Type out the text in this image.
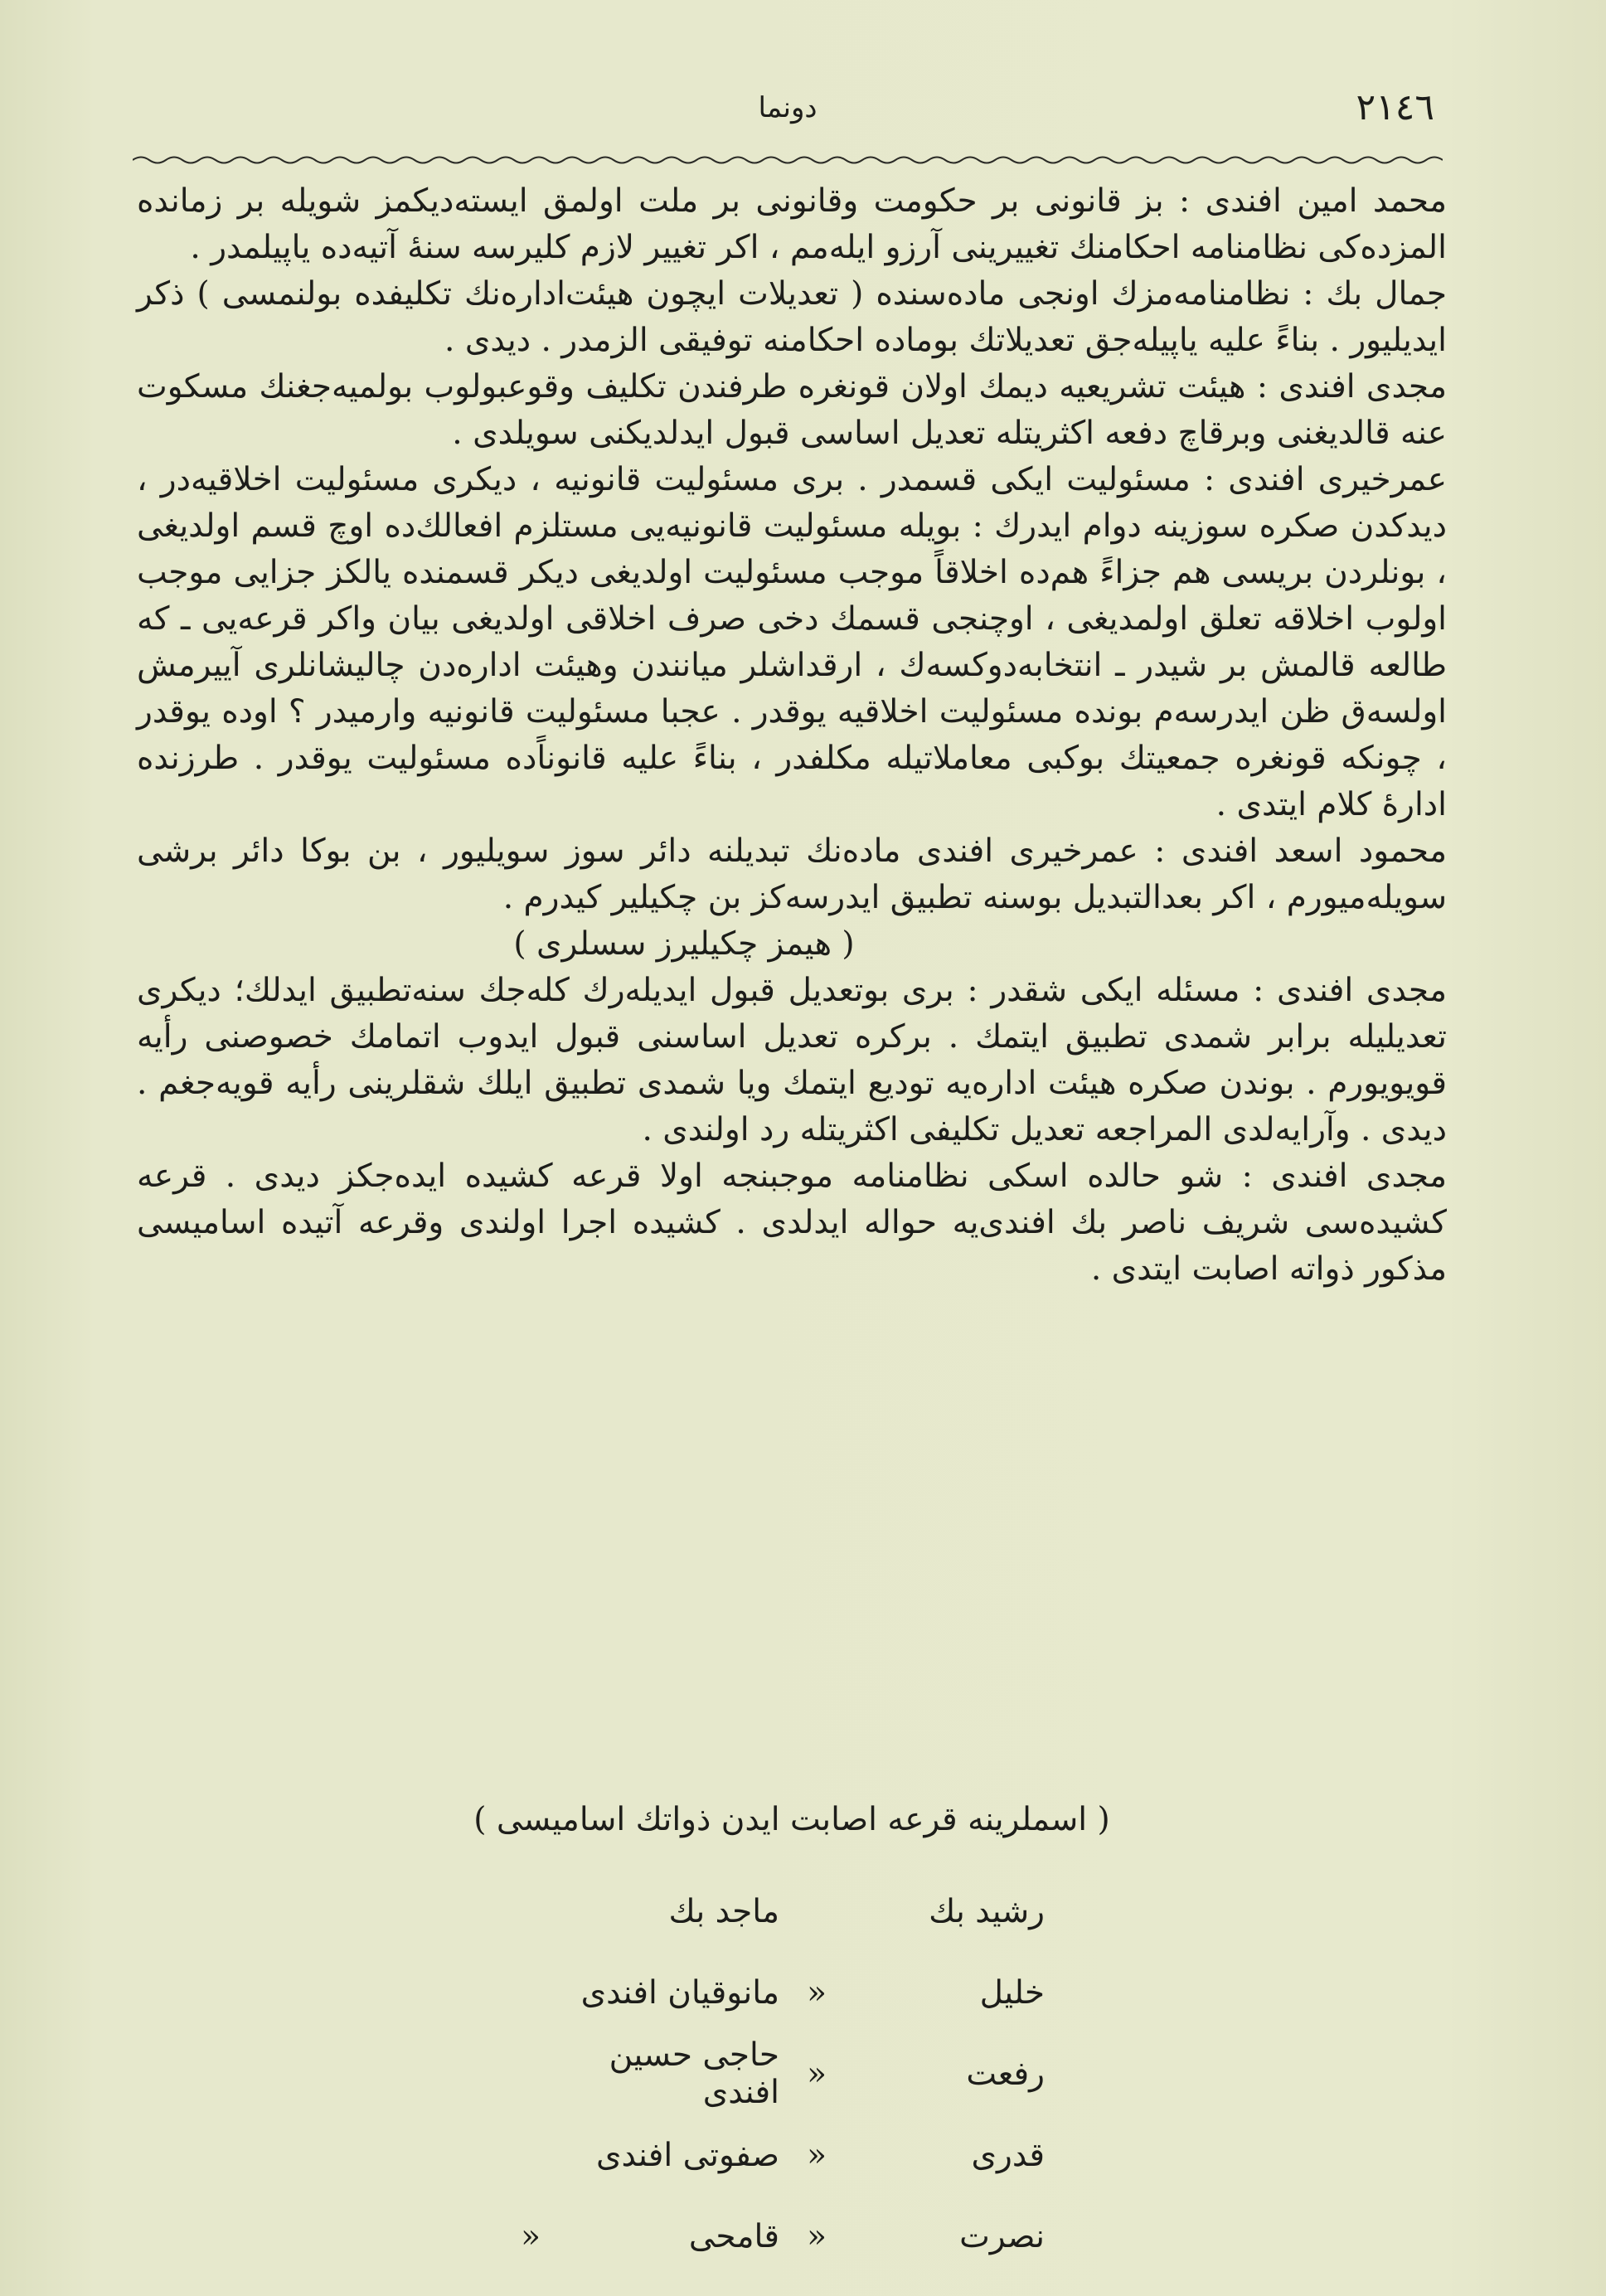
٢١٤٦
دونما

محمد امين افندی : بز قانونی بر حکومت وقانونی بر ملت اولمق ايسته‌ديکمز شويله بر زمانده المزده‌کی نظامنامه احکامنك تغييرينی آرزو ايله‌مم ، اکر تغيير لازم کليرسه سنهٔ آتيه‌ده ياپيلمدر .

جمال بك : نظامنامه‌مزك اونجی ماده‌سنده ( تعديلات ايچون هيئت‌اداره‌نك تکليفده بولنمسی ) ذکر ايديليور . بناءً عليه ياپيله‌جق تعديلاتك بوماده احکامنه توفيقی الزمدر . ديدی .

مجدی افندی : هيئت تشريعيه ديمك اولان قونغره طرفندن تکليف وقوعبولوب بولميه‌جغنك مسکوت عنه قالديغنی وبرقاچ دفعه اکثريتله تعديل اساسی قبول ايدلديکنی سويلدی .

عمرخيری افندی : مسئوليت ايکی قسمدر . بری مسئوليت قانونيه ، ديکری مسئوليت اخلاقيه‌در ، ديدکدن صکره سوزينه دوام ايدرك : بويله مسئوليت قانونيه‌يی مستلزم افعالك‌ده اوچ قسم اولديغی ، بونلردن بريسی هم جزاءً هم‌ده اخلاقاً موجب مسئوليت اولديغی ديکر قسمنده يالکز جزايی موجب اولوب اخلاقه تعلق اولمديغی ، اوچنجی قسمك دخی صرف اخلاقی اولديغی بيان واکر قرعه‌يی ـ که طالعه قالمش بر شيدر ـ انتخابه‌دوکسه‌ك ، ارقداشلر ميانندن وهيئت اداره‌دن چاليشانلری آييرمش اولسه‌ق ظن ايدرسه‌م بونده مسئوليت اخلاقيه يوقدر . عجبا مسئوليت قانونيه وارميدر ؟ اوده يوقدر ، چونکه قونغره جمعيتك بوکبی معاملاتيله مکلفدر ، بناءً عليه قانوناً‌ده مسئوليت يوقدر . طرزنده ادارهٔ کلام ايتدی .

محمود اسعد افندی : عمرخيری افندی ماده‌نك تبديلنه دائر سوز سويليور ، بن بوکا دائر برشی سويله‌ميورم ، اکر بعدالتبديل بوسنه تطبيق ايدرسه‌کز بن چکيلير کيدرم .

( هيمز چکيليرز سسلری )

مجدی افندی : مسئله ايکی شقدر : بری بوتعديل قبول ايديله‌رك کله‌جك سنه‌تطبيق ايدلك؛ ديکری تعديليله برابر شمدی تطبيق ايتمك . برکره تعديل اساسنی قبول ايدوب اتمامك خصوصنی رأيه قويويورم . بوندن صکره هيئت اداره‌يه توديع ايتمك ويا شمدی تطبيق ايلك شقلرينی رأيه قويه‌جغم . ديدی . وآرايه‌لدی المراجعه تعديل تکليفی اکثريتله رد اولندی .

مجدی افندی : شو حالده اسکی نظامنامه موجبنجه اولا قرعه کشيده ايده‌جکز ديدی . قرعه کشيده‌سی شريف ناصر بك افندی‌يه حواله ايدلدی . کشيده اجرا اولندی وقرعه آتيده اساميسی مذکور ذواته اصابت ايتدی .

( اسملرينه قرعه اصابت ايدن ذواتك اساميسی )
رشيد بك
ماجد بك
خليل
«
مانوقيان افندی
رفعت
«
حاجی حسين افندی
قدری
«
صفوتی افندی
نصرت
«
قامحی
«
